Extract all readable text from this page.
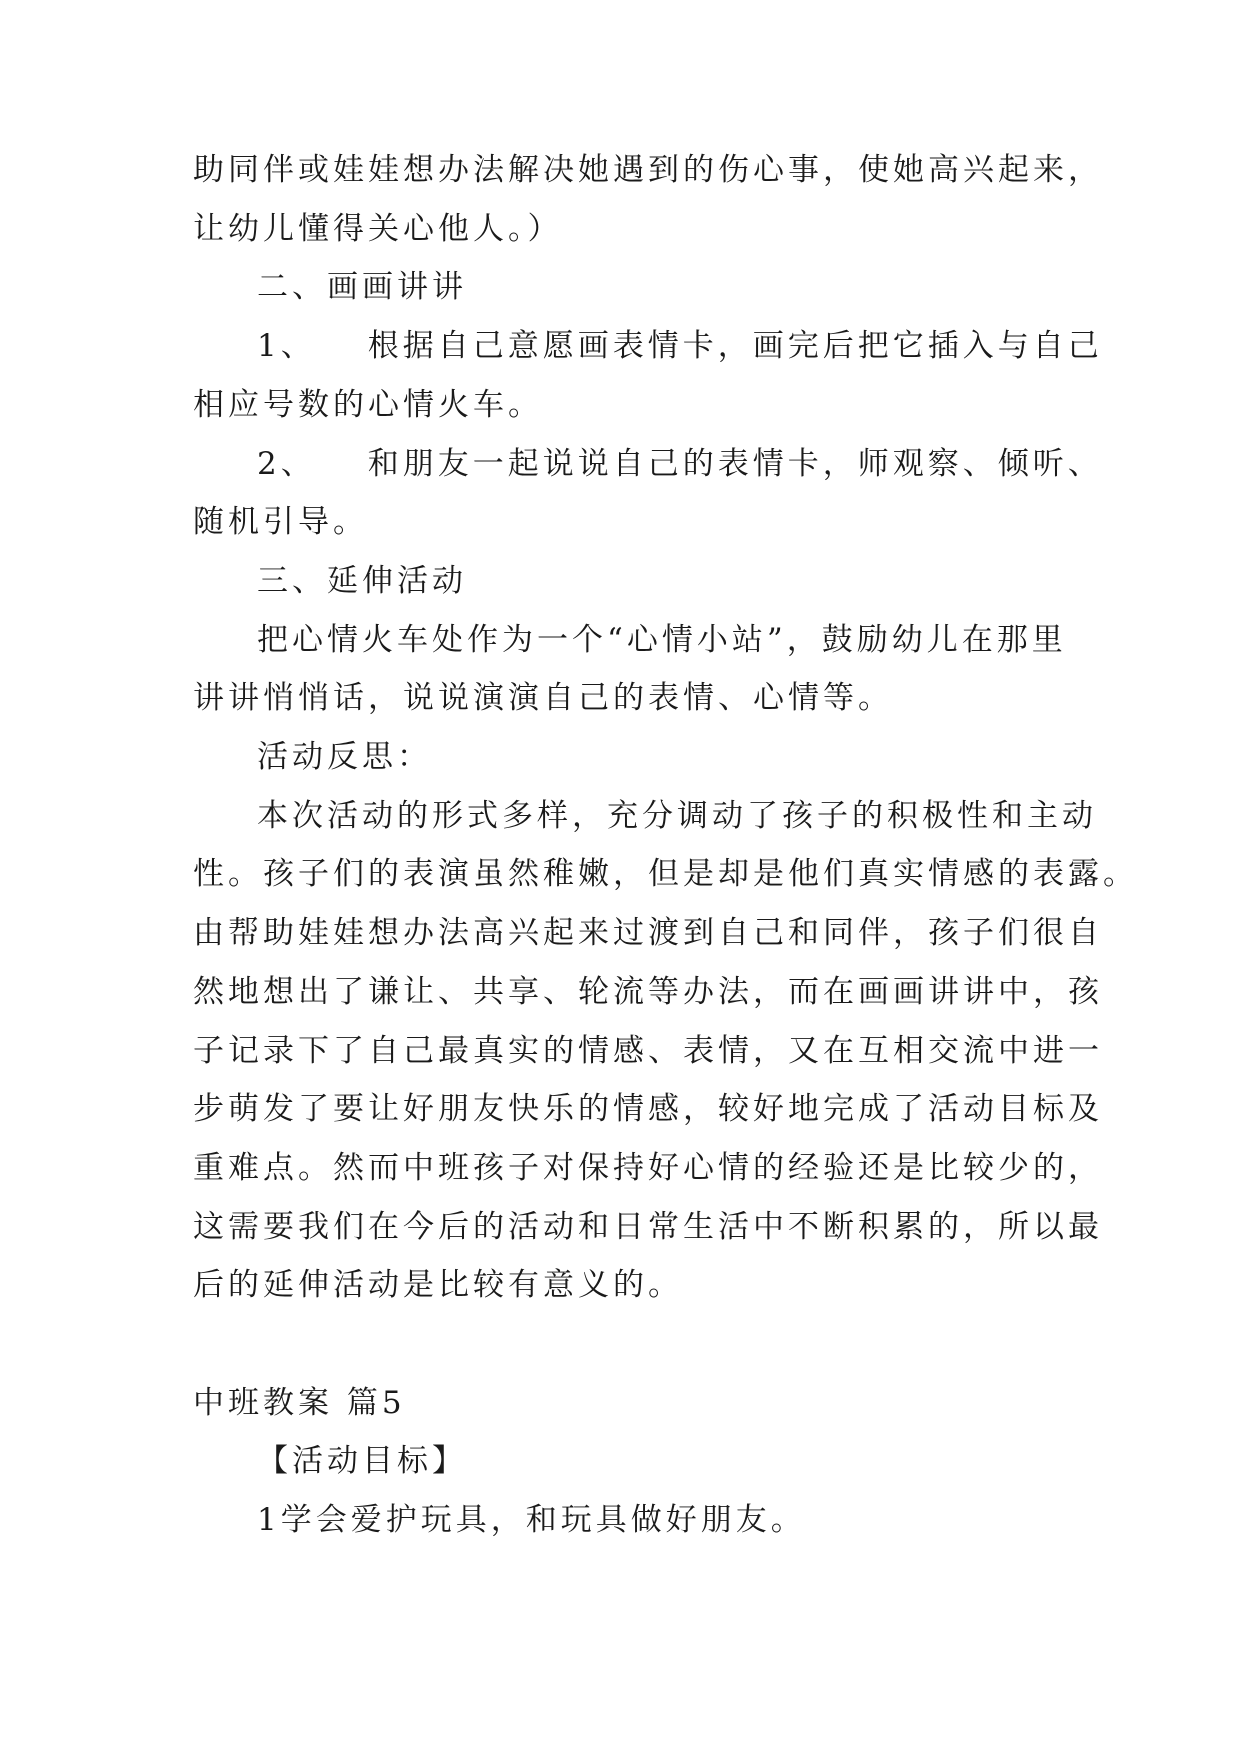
助同伴或娃娃想办法解决她遇到的伤心事，使她高兴起来，
让幼儿懂得关心他人。）
二、画画讲讲
1、 根据自己意愿画表情卡，画完后把它插入与自己
相应号数的心情火车。
2、 和朋友一起说说自己的表情卡，师观察、倾听、
随机引导。
三、延伸活动
把心情火车处作为一个“心情小站”，鼓励幼儿在那里
讲讲悄悄话，说说演演自己的表情、心情等。
活动反思：
本次活动的形式多样，充分调动了孩子的积极性和主动
性。孩子们的表演虽然稚嫩，但是却是他们真实情感的表露。
由帮助娃娃想办法高兴起来过渡到自己和同伴，孩子们很自
然地想出了谦让、共享、轮流等办法，而在画画讲讲中，孩
子记录下了自己最真实的情感、表情，又在互相交流中进一
步萌发了要让好朋友快乐的情感，较好地完成了活动目标及
重难点。然而中班孩子对保持好心情的经验还是比较少的，
这需要我们在今后的活动和日常生活中不断积累的，所以最
后的延伸活动是比较有意义的。
中班教案 篇5
【活动目标】
1学会爱护玩具，和玩具做好朋友。
